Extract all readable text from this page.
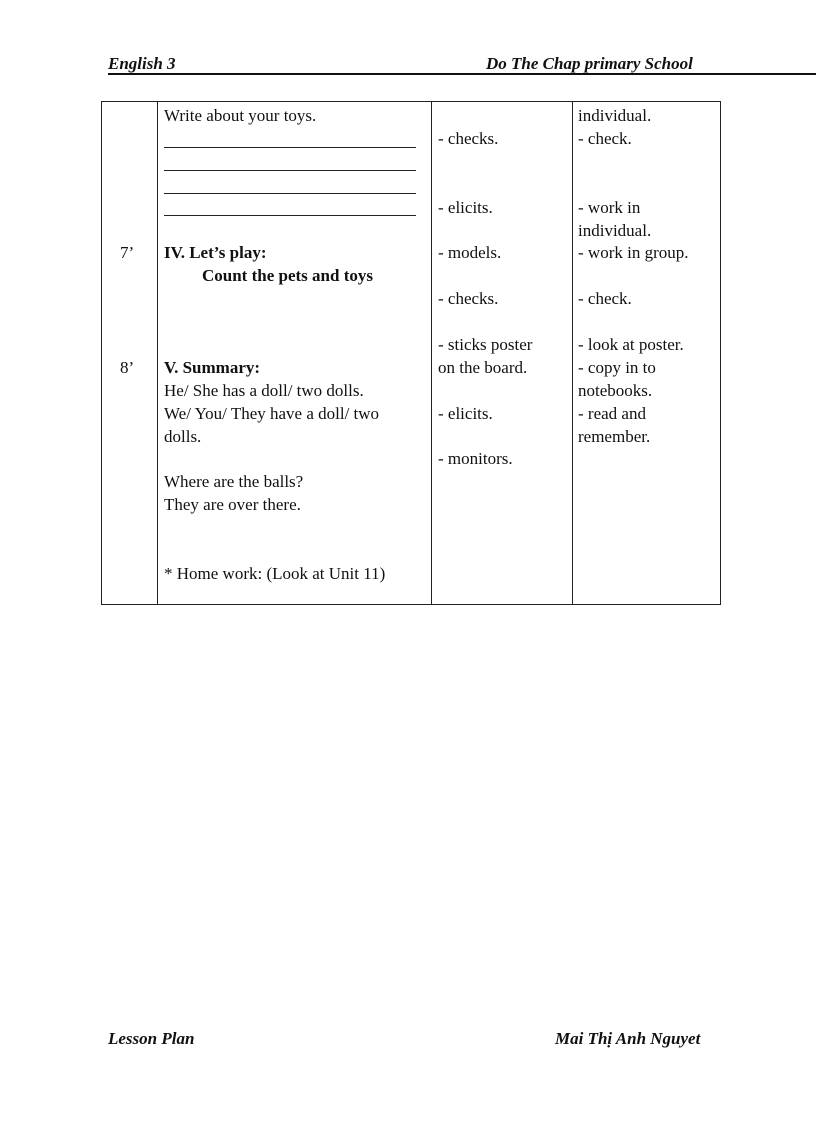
English 3	Do The Chap primary School
7’
8’
Write about your toys.
IV. Let’s play:
Count the pets and toys
V. Summary:
He/ She has a doll/ two dolls.
We/ You/ They have a doll/ two
dolls.
Where are the balls?
They are over there.
* Home work: (Look at Unit 11)
- checks.
- elicits.
- models.
- checks.
- sticks poster
on the board.
- elicits.
- monitors.
individual.
- check.
- work in
individual.
- work in group.
- check.
- look at poster.
- copy in to
notebooks.
- read and
remember.
Lesson Plan	Mai Thị Anh Nguyet
